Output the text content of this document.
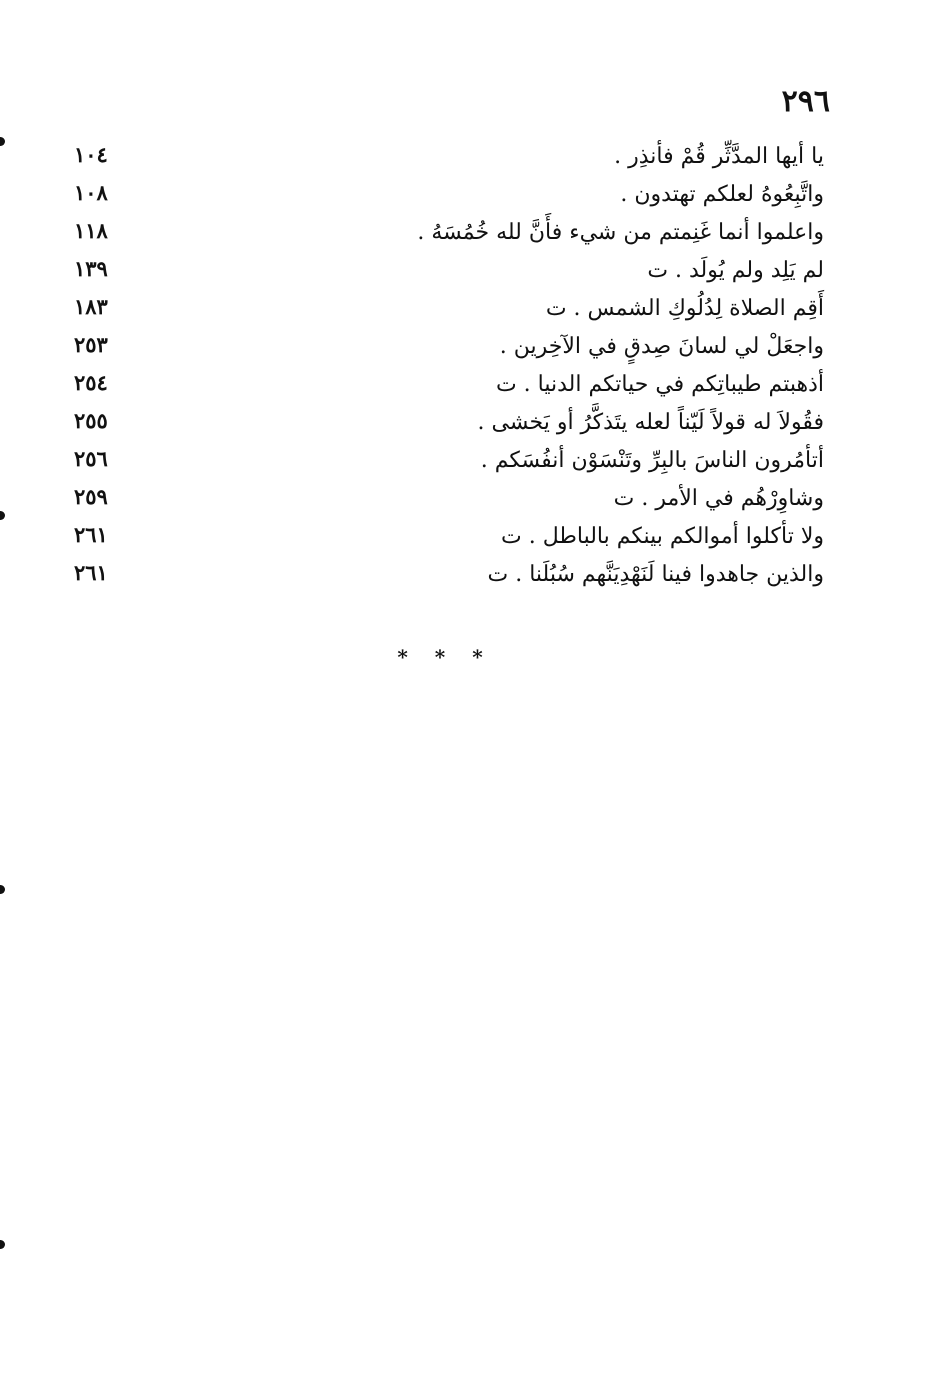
٢٩٦
يا أيها المدَّثِّر قُمْ فأنذِر .
١٠٤
واتَّبِعُوهُ لعلكم تهتدون .
١٠٨
واعلموا أنما غَنِمتم من شيء فأَنَّ لله خُمُسَهُ .
١١٨
لم يَلِد ولم يُولَد . ت
١٣٩
أَقِم الصلاة لِدُلُوكِ الشمس . ت
١٨٣
واجعَلْ لي لسانَ صِدقٍ في الآخِرين .
٢٥٣
أذهبتم طيباتِكم في حياتكم الدنيا . ت
٢٥٤
فقُولاَ له قولاً لَيّناً لعله يتَذكَّرُ أو يَخشى .
٢٥٥
أتأمُرون الناسَ بالبِرِّ وتَنْسَوْن أنفُسَكم .
٢٥٦
وشاوِرْهُم في الأمر . ت
٢٥٩
ولا تأكلوا أموالكم بينكم بالباطل . ت
٢٦١
والذين جاهدوا فينا لَنَهْدِيَنَّهم سُبُلَنا . ت
٢٦١
* * *
